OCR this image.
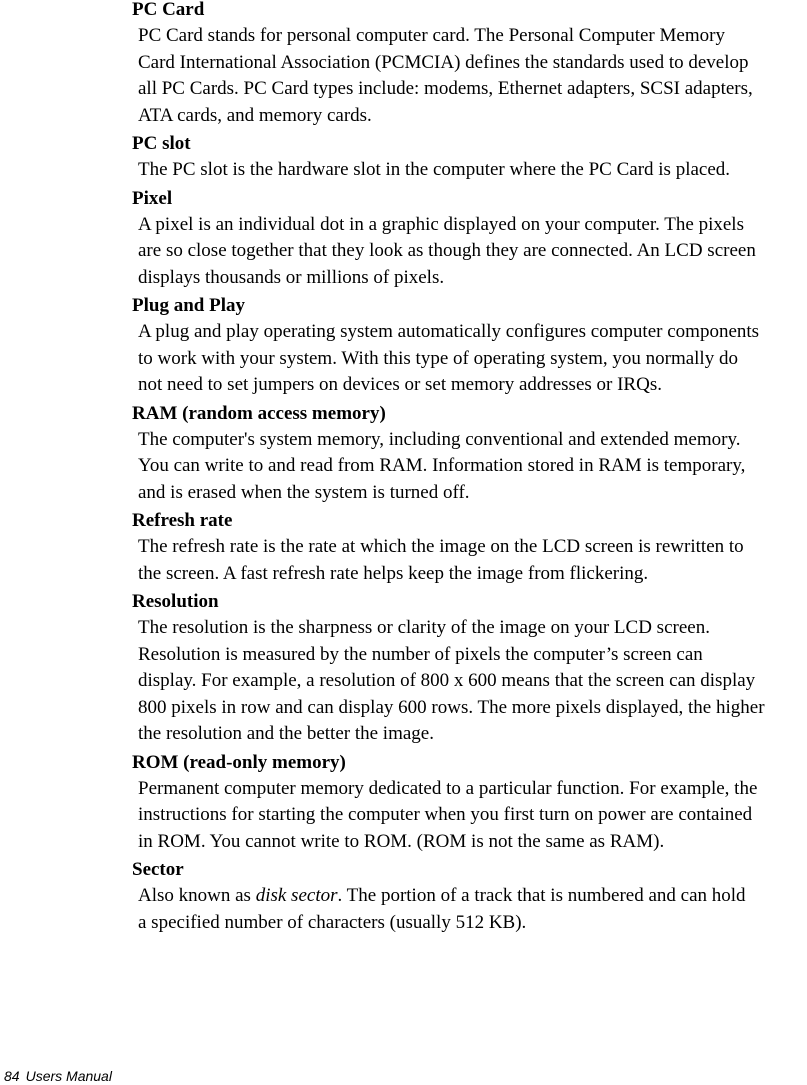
PC Card

PC Card stands for personal computer card. The Personal Computer Memory
Card International Association (PCMCIA) defines the standards used to develop
all PC Cards. PC Card types include: modems, Ethernet adapters, SCSI adapters,
ATA cards, and memory cards.

PC slot

The PC slot is the hardware slot in the computer where the PC Card is placed.

Pixel

A pixel is an individual dot in a graphic displayed on your computer. The pixels
are so close together that they look as though they are connected. An LCD screen
displays thousands or millions of pixels.

Plug and Play

A plug and play operating system automatically configures computer components
to work with your system. With this type of operating system, you normally do
not need to set jumpers on devices or set memory addresses or IRQs.

RAM (random access memory)

The computer's system memory, including conventional and extended memory.
You can write to and read from RAM. Information stored in RAM is temporary,
and is erased when the system is turned off.

Refresh rate

The refresh rate is the rate at which the image on the LCD screen is rewritten to
the screen. A fast refresh rate helps keep the image from flickering.

Resolution

The resolution is the sharpness or clarity of the image on your LCD screen.
Resolution is measured by the number of pixels the computer’s screen can
display. For example, a resolution of 800 x 600 means that the screen can display
800 pixels in row and can display 600 rows. The more pixels displayed, the higher
the resolution and the better the image.

ROM (read-only memory)

Permanent computer memory dedicated to a particular function. For example, the
instructions for starting the computer when you first turn on power are contained
in ROM. You cannot write to ROM. (ROM is not the same as RAM).

Sector

Also known as disk sector. The portion of a track that is numbered and can hold
a specified number of characters (usually 512 KB).

84 Users Manual
